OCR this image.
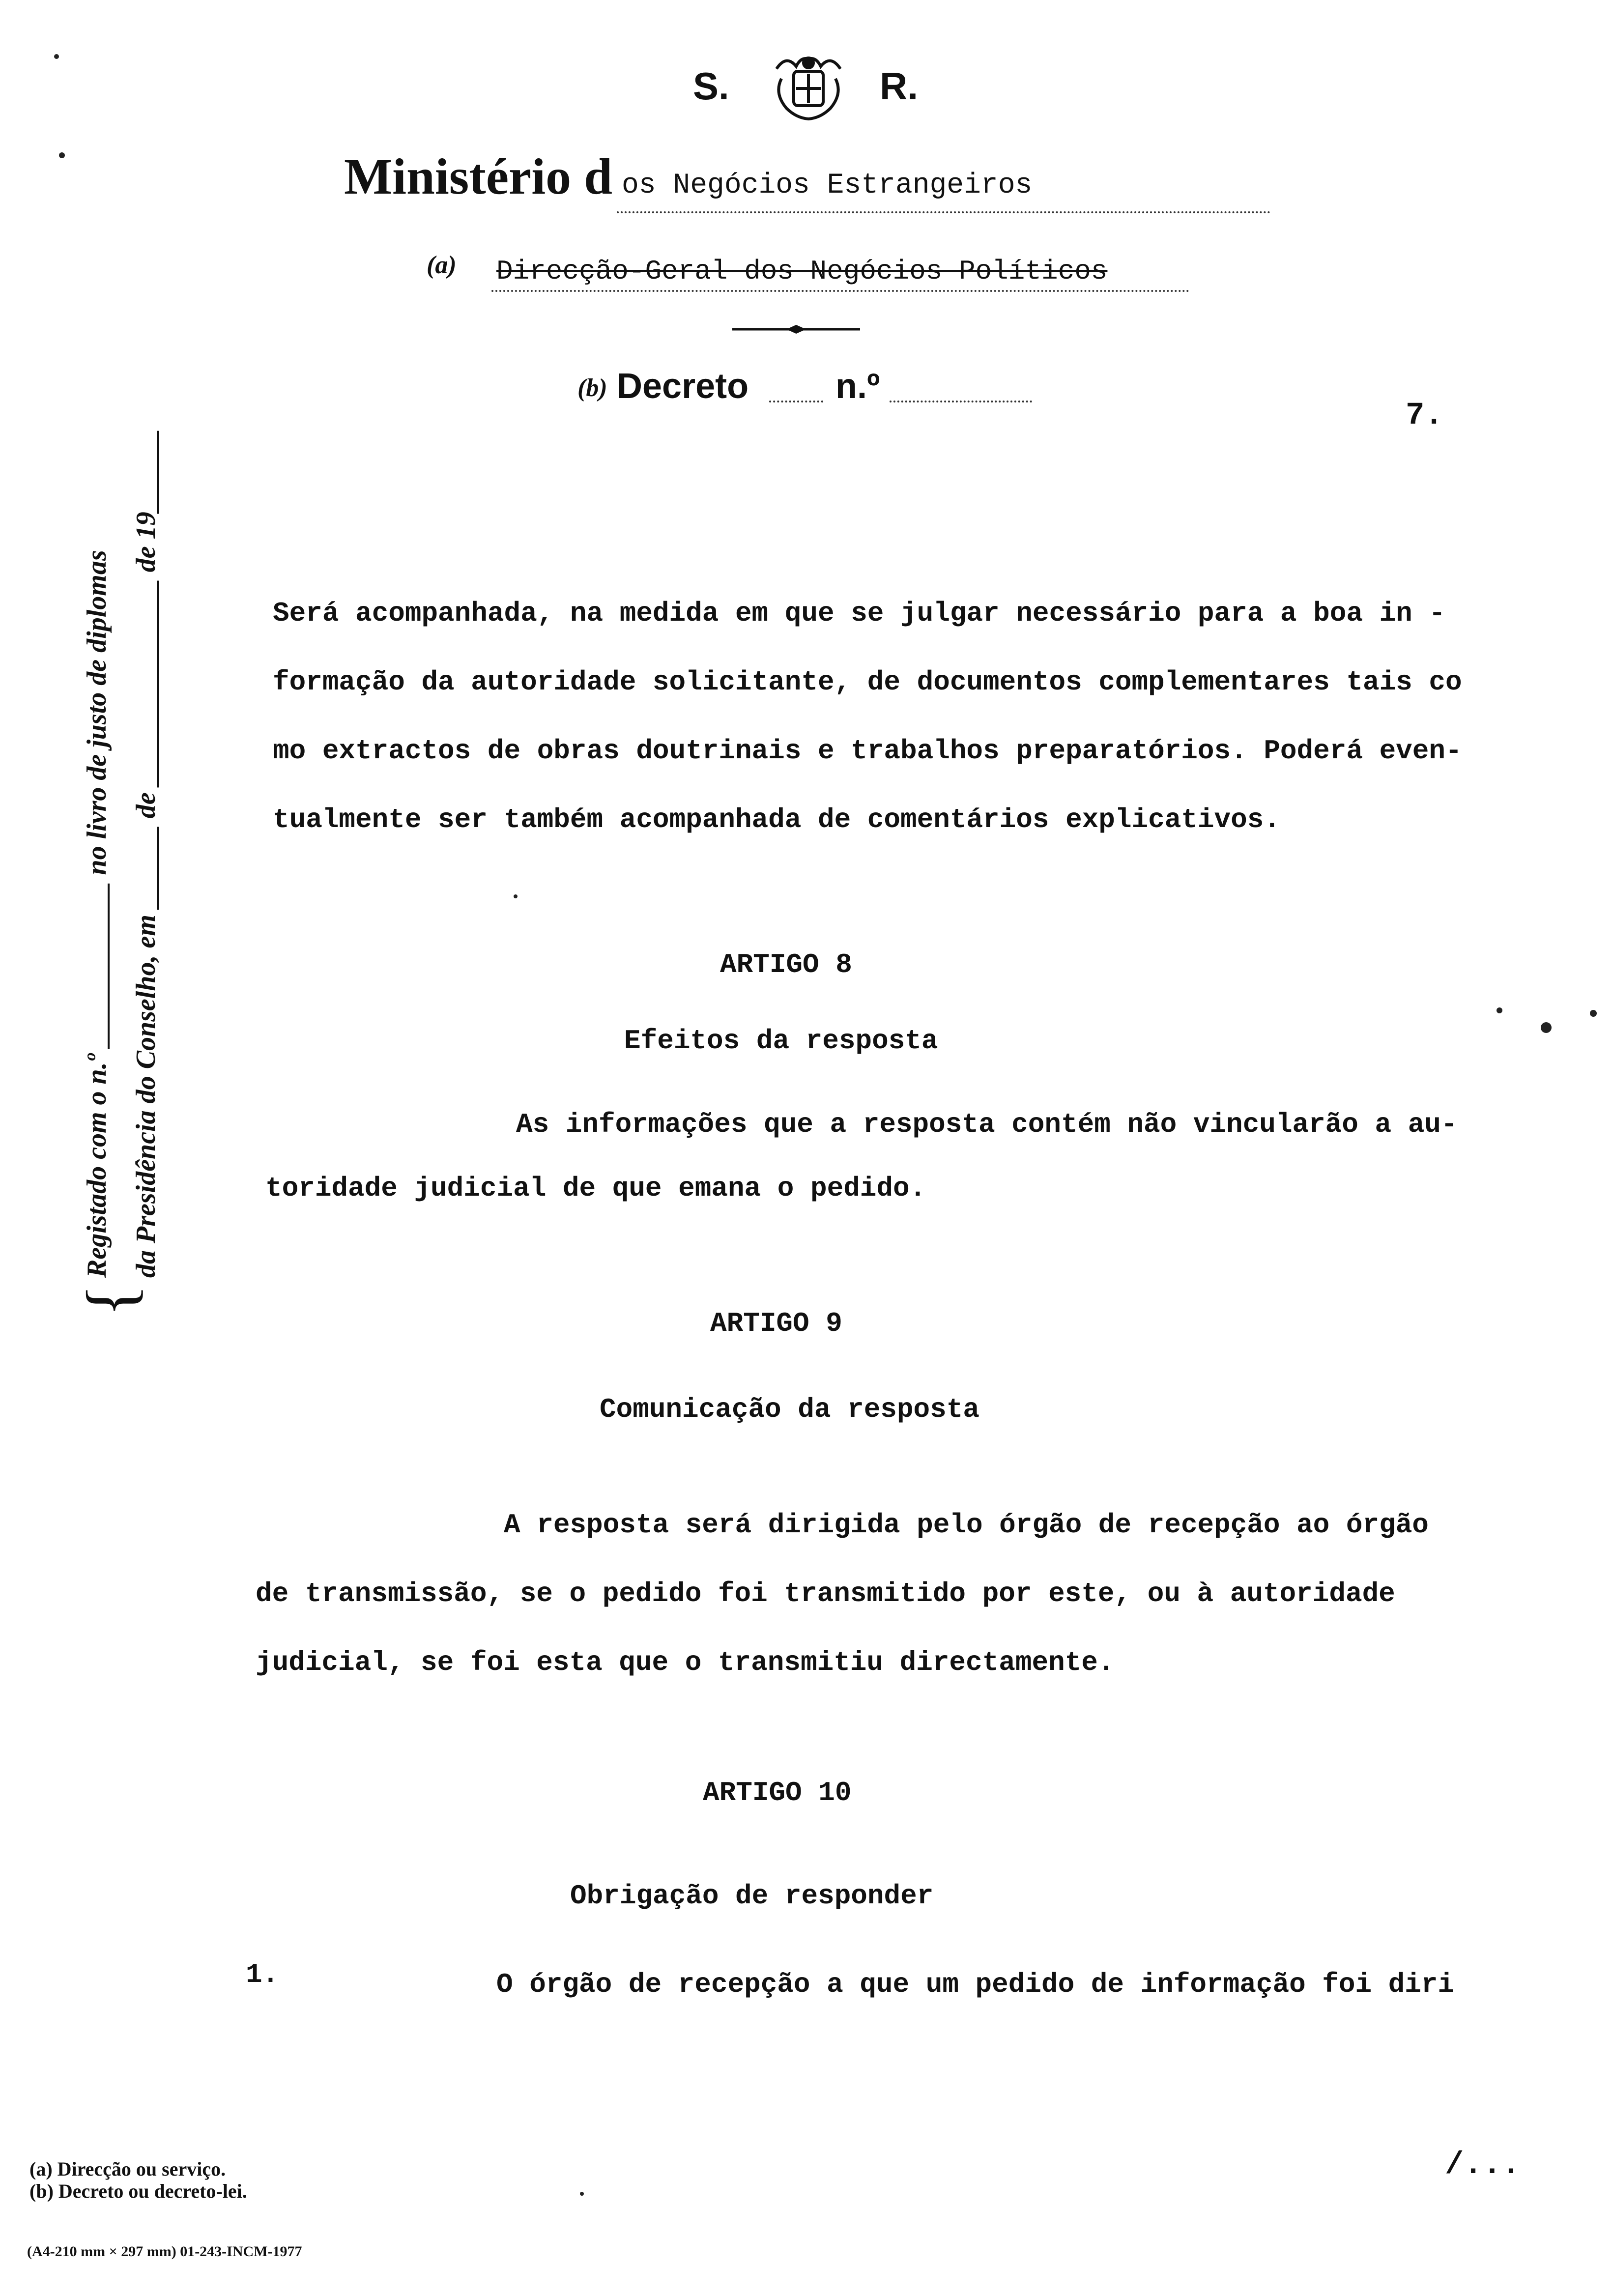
S.	R.
Ministério d os Negócios Estrangeiros
(a) Direcção-Geral dos Negócios Políticos
(b) Decreto n.º
7.
{
Registado com o n.º ____________ no livro de justo de diplomas da Presidência do Conselho, em ______ de _______________ de 19______	Será acompanhada, na medida em que se julgar necessário para a boa in -
formação da autoridade solicitante, de documentos complementares tais co
mo extractos de obras doutrinais e trabalhos preparatórios. Poderá even-
tualmente ser também acompanhada de comentários explicativos.
ARTIGO 8
Efeitos da resposta
As informações que a resposta contém não vincularão a au-
toridade judicial de que emana o pedido.
ARTIGO 9
Comunicação da resposta
A resposta será dirigida pelo órgão de recepção ao órgão
de transmissão, se o pedido foi transmitido por este, ou à autoridade
judicial, se foi esta que o transmitiu directamente.
ARTIGO 10
Obrigação de responder
1.	O órgão de recepção a que um pedido de informação foi diri
(a) Direcção ou serviço.
(b) Decreto ou decreto-lei.
(A4-210 mm × 297 mm) 01-243-INCM-1977
/...
